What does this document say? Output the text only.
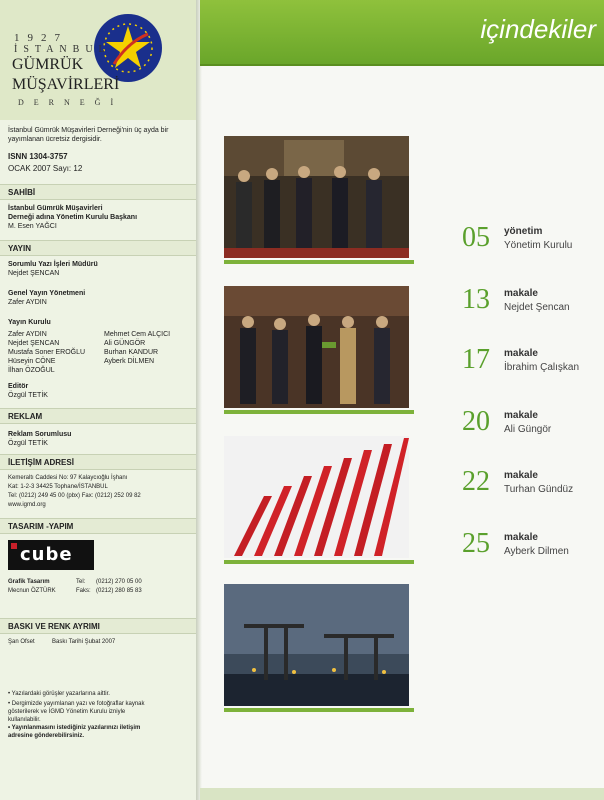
1927
İSTANBUL
GÜMRÜK
MÜŞAVİRLERİ
DERNEĞİ
İstanbul Gümrük Müşavirleri Derneği'nin üç ayda bir yayımlanan ücretsiz dergisidir.
ISNN 1304-3757
OCAK 2007 Sayı: 12
SAHİBİ
İstanbul Gümrük Müşavirleri
Derneği adına Yönetim Kurulu Başkanı
M. Esen YAĞCI
YAYIN
Sorumlu Yazı İşleri Müdürü
Nejdet ŞENCAN
Genel Yayın Yönetmeni
Zafer AYDIN
Yayın Kurulu
Zafer AYDIN
Nejdet ŞENCAN
Mustafa Soner EROĞLU
Hüseyin CÖNE
İlhan ÖZOĞUL
Mehmet Cem ALÇICI
Ali GÜNGÖR
Burhan KANDUR
Ayberk DİLMEN
Editör
Özgül TETİK
REKLAM
Reklam Sorumlusu
Özgül TETİK
İLETİŞİM ADRESİ
Kemeraltı Caddesi No: 97 Kalaycıoğlu İşhanı
Kat: 1-2-3 34425 Tophane/İSTANBUL
Tel: (0212) 249 45 00 (pbx) Fax: (0212) 252 09 82
www.igmd.org
TASARIM -YAPIM
cube
Grafik Tasarım
Mecnun ÖZTÜRK
Tel: (0212) 270 05 00
Faks: (0212) 280 85 83
BASKI VE RENK AYRIMI
Şan Ofset	Baskı Tarihi Şubat 2007
• Yazılardaki görüşler yazarlarına aittir.
• Dergimizde yayımlanan yazı ve fotoğraflar kaynak gösterilerek ve İGMD Yönetim Kurulu izniyle kullanılabilir.
• Yayınlanmasını istediğiniz yazılarınızı iletişim adresine gönderebilirsiniz.
içindekiler
05 yönetim
Yönetim Kurulu
13 makale
Nejdet Şencan
17 makale
İbrahim Çalışkan
20 makale
Ali Güngör
22 makale
Turhan Gündüz
25 makale
Ayberk Dilmen
